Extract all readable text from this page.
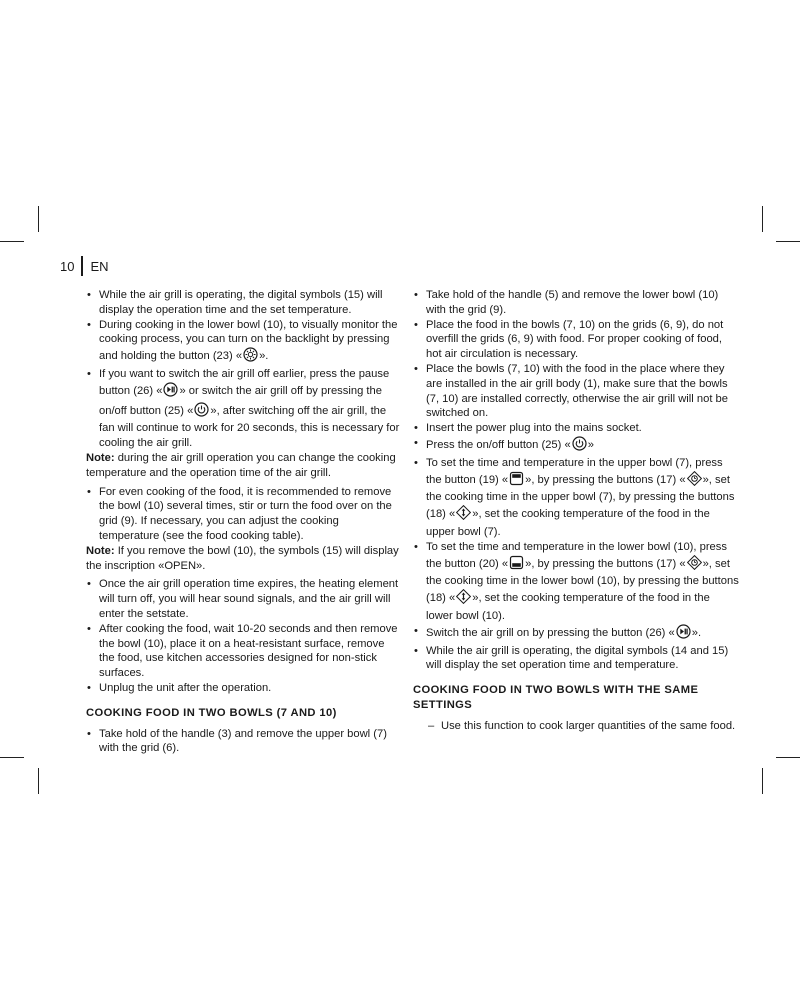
10 EN
• While the air grill is operating, the digital symbols (15) will display the operation time and the set temperature.
• During cooking in the lower bowl (10), to visually monitor the cooking process, you can turn on the backlight by pressing and holding the button (23) « ».
• If you want to switch the air grill off earlier, press the pause button (26) « » or switch the air grill off by pressing the on/off button (25) « », after switching off the air grill, the fan will continue to work for 20 seconds, this is necessary for cooling the air grill.

Note: during the air grill operation you can change the cooking temperature and the operation time of the air grill.

• For even cooking of the food, it is recommended to remove the bowl (10) several times, stir or turn the food over on the grid (9). If necessary, you can adjust the cooking temperature (see the food cooking table).

Note: If you remove the bowl (10), the symbols (15) will display the inscription «OPEN».

• Once the air grill operation time expires, the heating element will turn off, you will hear sound signals, and the air grill will enter the setstate.
• After cooking the food, wait 10-20 seconds and then remove the bowl (10), place it on a heat-resistant surface, remove the food, use kitchen accessories designed for non-stick surfaces.
• Unplug the unit after the operation.
COOKING FOOD IN TWO BOWLS (7 AND 10)
• Take hold of the handle (3) and remove the upper bowl (7) with the grid (6).
• Take hold of the handle (5) and remove the lower bowl (10) with the grid (9).
• Place the food in the bowls (7, 10) on the grids (6, 9), do not overfill the grids (6, 9) with food. For proper cooking of food, hot air circulation is necessary.
• Place the bowls (7, 10) with the food in the place where they are installed in the air grill body (1), make sure that the bowls (7, 10) are installed correctly, otherwise the air grill will not be switched on.
• Insert the power plug into the mains socket.
• Press the on/off button (25) « »
• To set the time and temperature in the upper bowl (7), press the button (19) « », by pressing the buttons (17) « », set the cooking time in the upper bowl (7), by pressing the buttons (18) « », set the cooking temperature of the food in the upper bowl (7).
• To set the time and temperature in the lower bowl (10), press the button (20) « », by pressing the buttons (17) « », set the cooking time in the lower bowl (10), by pressing the buttons (18) « », set the cooking temperature of the food in the lower bowl (10).
• Switch the air grill on by pressing the button (26) « ».
• While the air grill is operating, the digital symbols (14 and 15) will display the set operation time and temperature.
COOKING FOOD IN TWO BOWLS WITH THE SAME SETTINGS
– Use this function to cook larger quantities of the same food.
